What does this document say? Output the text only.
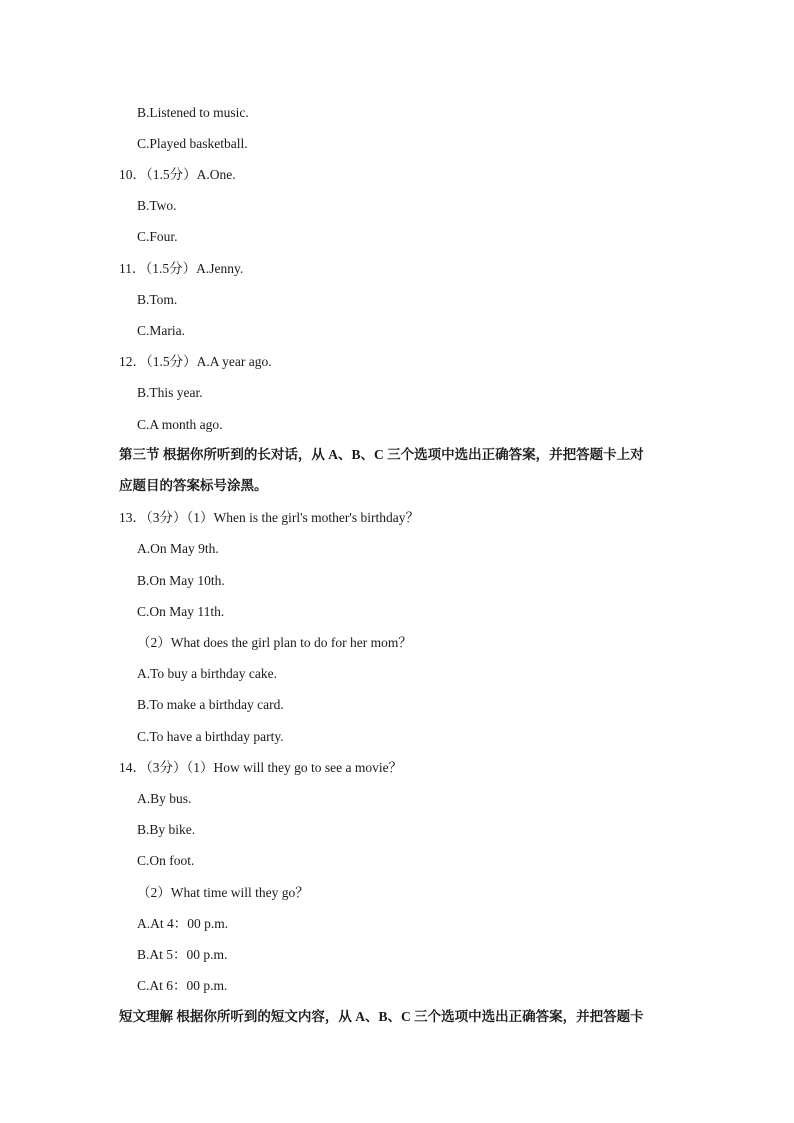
B.Listened to music.
C.Played basketball.
10．（1.5分）A.One.
B.Two.
C.Four.
11．（1.5分）A.Jenny.
B.Tom.
C.Maria.
12．（1.5分）A.A year ago.
B.This year.
C.A month ago.
第三节 根据你所听到的长对话，从 A、B、C 三个选项中选出正确答案，并把答题卡上对
应题目的答案标号涂黑。
13．（3分）（1）When is the girl's mother's birthday？
A.On May 9th.
B.On May 10th.
C.On May 11th.
（2）What does the girl plan to do for her mom？
A.To buy a birthday cake.
B.To make a birthday card.
C.To have a birthday party.
14．（3分）（1）How will they go to see a movie？
A.By bus.
B.By bike.
C.On foot.
（2）What time will they go？
A.At 4：00 p.m.
B.At 5：00 p.m.
C.At 6：00 p.m.
短文理解 根据你所听到的短文内容，从 A、B、C 三个选项中选出正确答案，并把答题卡
